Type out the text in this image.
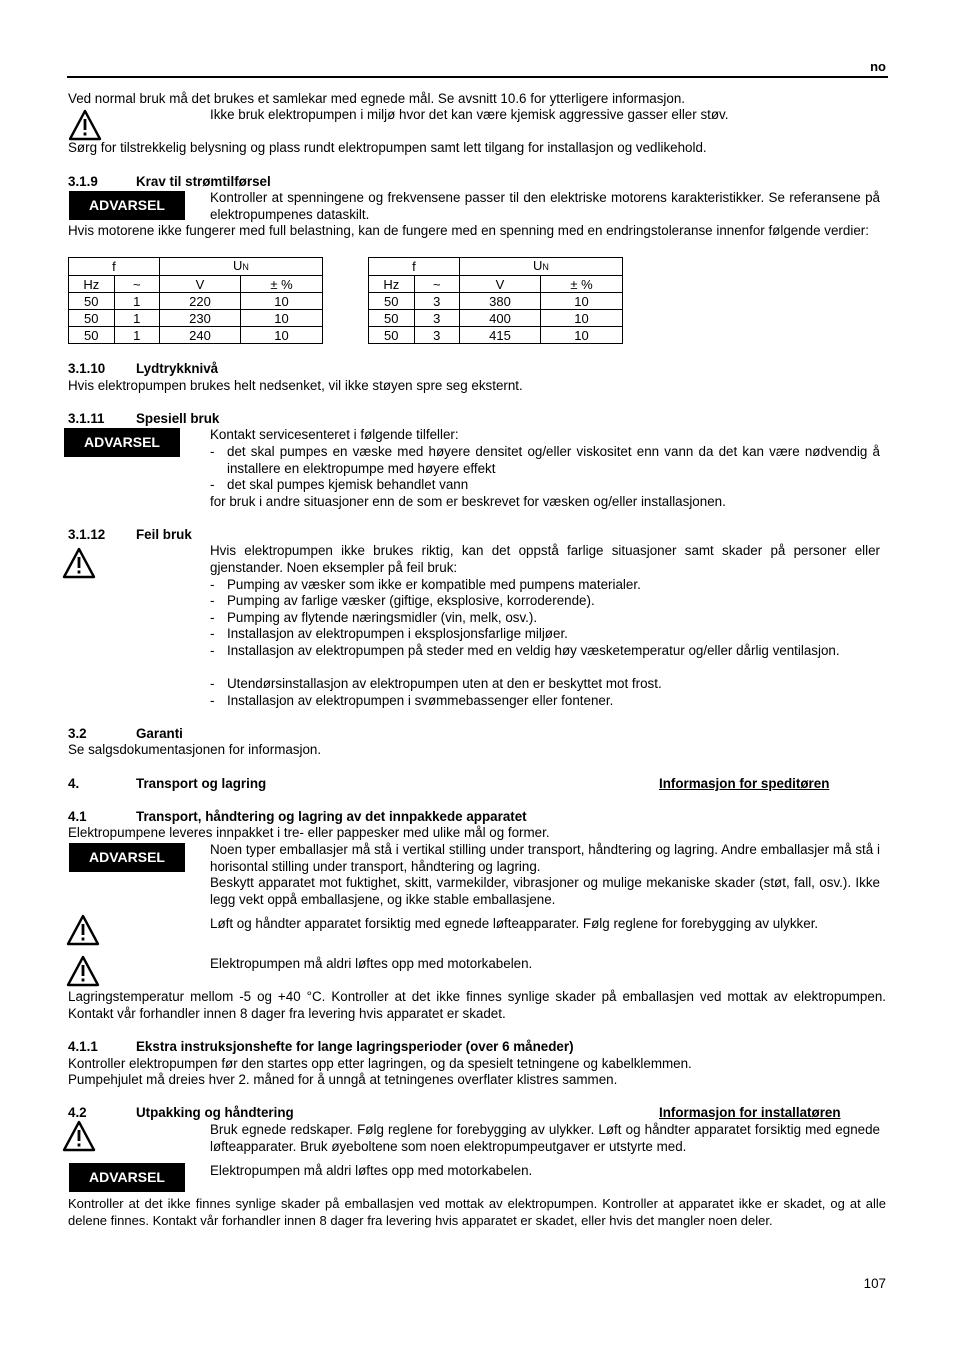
no
Ved normal bruk må det brukes et samlekar med egnede mål. Se avsnitt 10.6 for ytterligere informasjon.
Ikke bruk elektropumpen i miljø hvor det kan være kjemisk aggressive gasser eller støv.
Sørg for tilstrekkelig belysning og plass rundt elektropumpen samt lett tilgang for installasjon og vedlikehold.
3.1.9	Krav til strømtilførsel
ADVARSEL	Kontroller at spenningene og frekvensene passer til den elektriske motorens karakteristikker. Se referansene på elektropumpenes dataskilt.
Hvis motorene ikke fungerer med full belastning, kan de fungere med en spenning med en endringstoleranse innenfor følgende verdier:
f		UN	
Hz	~	V	± %
50	1	220	10
50	1	230	10
50	1	240	10
f		UN	
Hz	~	V	± %
50	3	380	10
50	3	400	10
50	3	415	10
3.1.10 Lydtrykknivå
Hvis elektropumpen brukes helt nedsenket, vil ikke støyen spre seg eksternt.
3.1.11 Spesiell bruk
ADVARSEL	Kontakt servicesenteret i følgende tilfeller:
- det skal pumpes en væske med høyere densitet og/eller viskositet enn vann da det kan være nødvendig å installere en elektropumpe med høyere effekt
- det skal pumpes kjemisk behandlet vann
for bruk i andre situasjoner enn de som er beskrevet for væsken og/eller installasjonen.
3.1.12 Feil bruk
Hvis elektropumpen ikke brukes riktig, kan det oppstå farlige situasjoner samt skader på personer eller gjenstander. Noen eksempler på feil bruk:
- Pumping av væsker som ikke er kompatible med pumpens materialer.
- Pumping av farlige væsker (giftige, eksplosive, korroderende).
- Pumping av flytende næringsmidler (vin, melk, osv.).
- Installasjon av elektropumpen i eksplosjonsfarlige miljøer.
- Installasjon av elektropumpen på steder med en veldig høy væsketemperatur og/eller dårlig ventilasjon.
- Utendørsinstallasjon av elektropumpen uten at den er beskyttet mot frost.
- Installasjon av elektropumpen i svømmebassenger eller fontener.
3.2	Garanti
Se salgsdokumentasjonen for informasjon.
4.	Transport og lagring	Informasjon for speditøren
4.1	Transport, håndtering og lagring av det innpakkede apparatet
Elektropumpene leveres innpakket i tre- eller pappesker med ulike mål og former.
ADVARSEL	Noen typer emballasjer må stå i vertikal stilling under transport, håndtering og lagring. Andre emballasjer må stå i horisontal stilling under transport, håndtering og lagring.
Beskytt apparatet mot fuktighet, skitt, varmekilder, vibrasjoner og mulige mekaniske skader (støt, fall, osv.). Ikke legg vekt oppå emballasjene, og ikke stable emballasjene.
Løft og håndter apparatet forsiktig med egnede løfteapparater. Følg reglene for forebygging av ulykker.
Elektropumpen må aldri løftes opp med motorkabelen.
Lagringstemperatur mellom -5 og +40 °C. Kontroller at det ikke finnes synlige skader på emballasjen ved mottak av elektropumpen. Kontakt vår forhandler innen 8 dager fra levering hvis apparatet er skadet.
4.1.1	Ekstra instruksjonshefte for lange lagringsperioder (over 6 måneder)
Kontroller elektropumpen før den startes opp etter lagringen, og da spesielt tetningene og kabelklemmen.
Pumpehjulet må dreies hver 2. måned for å unngå at tetningenes overflater klistres sammen.
4.2	Utpakking og håndtering	Informasjon for installatøren
Bruk egnede redskaper. Følg reglene for forebygging av ulykker. Løft og håndter apparatet forsiktig med egnede løfteapparater. Bruk øyeboltene som noen elektropumpeutgaver er utstyrte med.
ADVARSEL	Elektropumpen må aldri løftes opp med motorkabelen.
Kontroller at det ikke finnes synlige skader på emballasjen ved mottak av elektropumpen. Kontroller at apparatet ikke er skadet, og at alle delene finnes. Kontakt vår forhandler innen 8 dager fra levering hvis apparatet er skadet, eller hvis det mangler noen deler.
107
